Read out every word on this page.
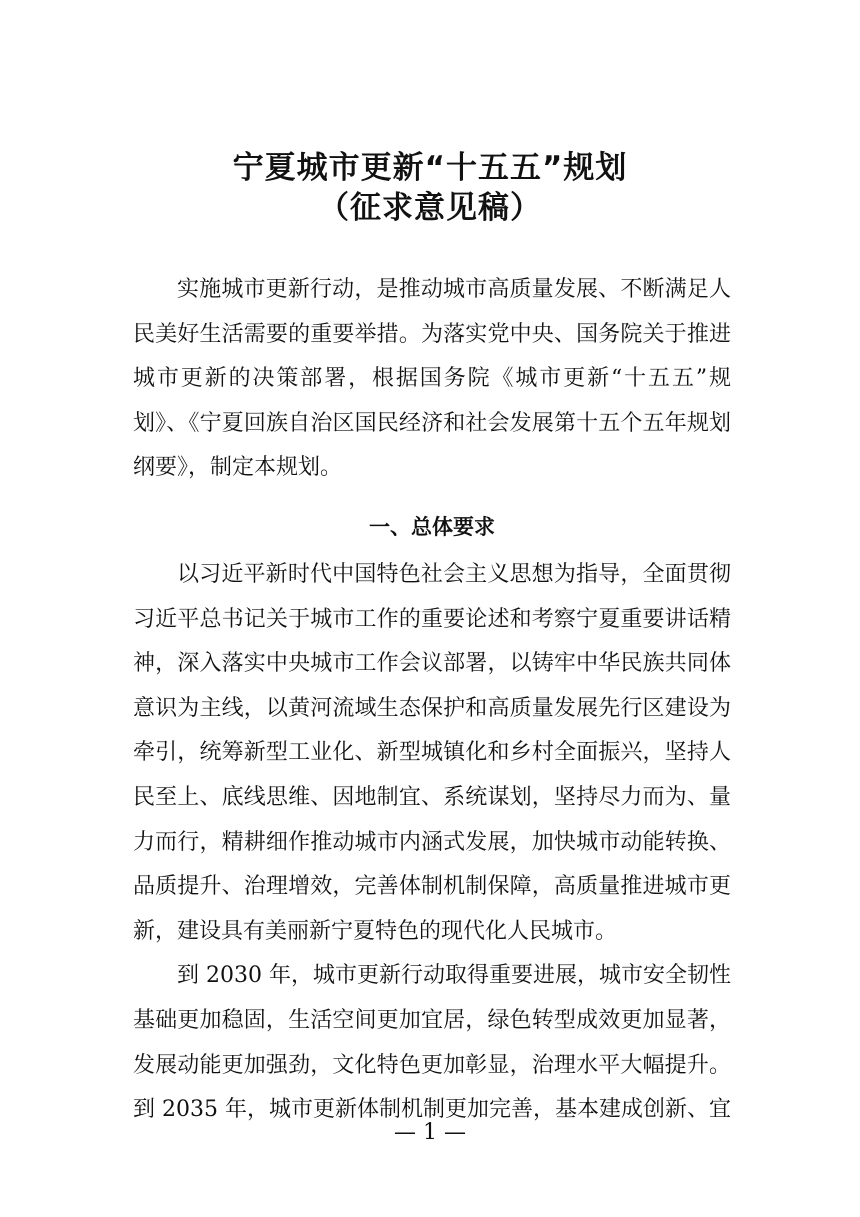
宁夏城市更新“十五五”规划
（征求意见稿）

实施城市更新行动，是推动城市高质量发展、不断满足人民美好生活需要的重要举措。为落实党中央、国务院关于推进城市更新的决策部署，根据国务院《城市更新“十五五”规划》、《宁夏回族自治区国民经济和社会发展第十五个五年规划纲要》，制定本规划。

一、总体要求

以习近平新时代中国特色社会主义思想为指导，全面贯彻习近平总书记关于城市工作的重要论述和考察宁夏重要讲话精神，深入落实中央城市工作会议部署，以铸牢中华民族共同体意识为主线，以黄河流域生态保护和高质量发展先行区建设为牵引，统筹新型工业化、新型城镇化和乡村全面振兴，坚持人民至上、底线思维、因地制宜、系统谋划，坚持尽力而为、量力而行，精耕细作推动城市内涵式发展，加快城市动能转换、品质提升、治理增效，完善体制机制保障，高质量推进城市更新，建设具有美丽新宁夏特色的现代化人民城市。

到 2030 年，城市更新行动取得重要进展，城市安全韧性基础更加稳固，生活空间更加宜居，绿色转型成效更加显著，发展动能更加强劲，文化特色更加彰显，治理水平大幅提升。到 2035 年，城市更新体制机制更加完善，基本建成创新、宜

— 1 —
